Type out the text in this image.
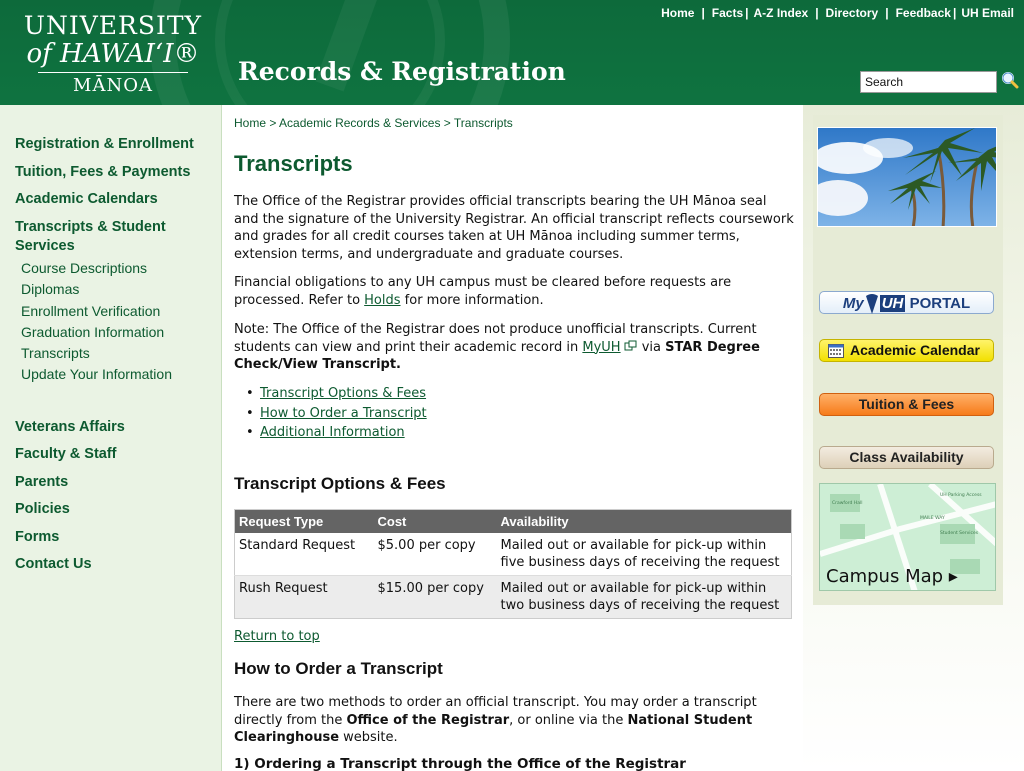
UNIVERSITY
of HAWAIʻI®
MĀNOA	Records & Registration
Home | Facts | A-Z Index | Directory | Feedback | UH Email
Search
Registration & Enrollment
Tuition, Fees & Payments
Academic Calendars
Transcripts & Student Services
Course Descriptions
Diplomas
Enrollment Verification
Graduation Information
Transcripts
Update Your Information
Veterans Affairs
Faculty & Staff
Parents
Policies
Forms
Contact Us
Home > Academic Records & Services > Transcripts
Transcripts
The Office of the Registrar provides official transcripts bearing the UH Mānoa seal and the signature of the University Registrar. An official transcript reflects coursework and grades for all credit courses taken at UH Mānoa including summer terms, extension terms, and undergraduate and graduate courses.
Financial obligations to any UH campus must be cleared before requests are processed. Refer to Holds for more information.
Note: The Office of the Registrar does not produce unofficial transcripts. Current students can view and print their academic record in MyUH via STAR Degree Check/View Transcript.
• Transcript Options & Fees
• How to Order a Transcript
• Additional Information
Transcript Options & Fees
Request Type	Cost	Availability
Standard Request	$5.00 per copy	Mailed out or available for pick-up within five business days of receiving the request
Rush Request	$15.00 per copy	Mailed out or available for pick-up within two business days of receiving the request
Return to top
How to Order a Transcript
There are two methods to order an official transcript. You may order a transcript directly from the Office of the Registrar, or online via the National Student Clearinghouse website.
1) Ordering a Transcript through the Office of the Registrar
My UH PORTAL
Academic Calendar
Tuition & Fees
Class Availability
Crawford Hall
UH Parking Access
Student Services
MAILE WAY
Campus Map ▸
